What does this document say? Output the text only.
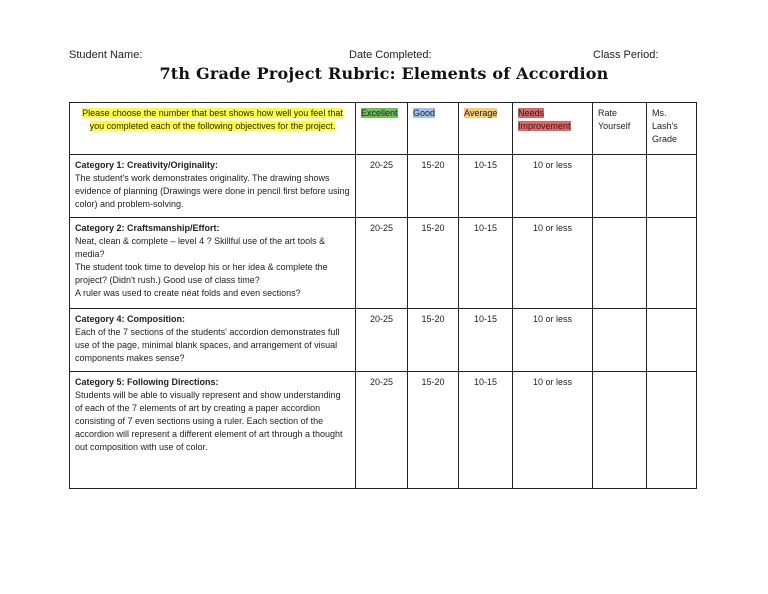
Student Name:	Date Completed:	Class Period:
7th Grade Project Rubric: Elements of Accordion
Please choose the number that best shows how well you feel that you completed each of the following objectives for the project.	Excellent	Good	Average	Needs Improvement	Rate Yourself	Ms. Lash's Grade

Category 1: Creativity/Originality:
The student's work demonstrates originality. The drawing shows evidence of planning (Drawings were done in pencil first before using color) and problem-solving.	20-25	15-20	10-15	10 or less		

Category 2: Craftsmanship/Effort:
Neat, clean & complete – level 4 ? Skillful use of the art tools & media?
The student took time to develop his or her idea & complete the project? (Didn't rush.) Good use of class time?
A ruler was used to create neat folds and even sections?	20-25	15-20	10-15	10 or less		

Category 4: Composition:
Each of the 7 sections of the students' accordion demonstrates full use of the page, minimal blank spaces, and arrangement of visual components makes sense?	20-25	15-20	10-15	10 or less		

Category 5: Following Directions:
Students will be able to visually represent and show understanding of each of the 7 elements of art by creating a paper accordion consisting of 7 even sections using a ruler. Each section of the accordion will represent a different element of art through a thought out composition with use of color.	20-25	15-20	10-15	10 or less		
